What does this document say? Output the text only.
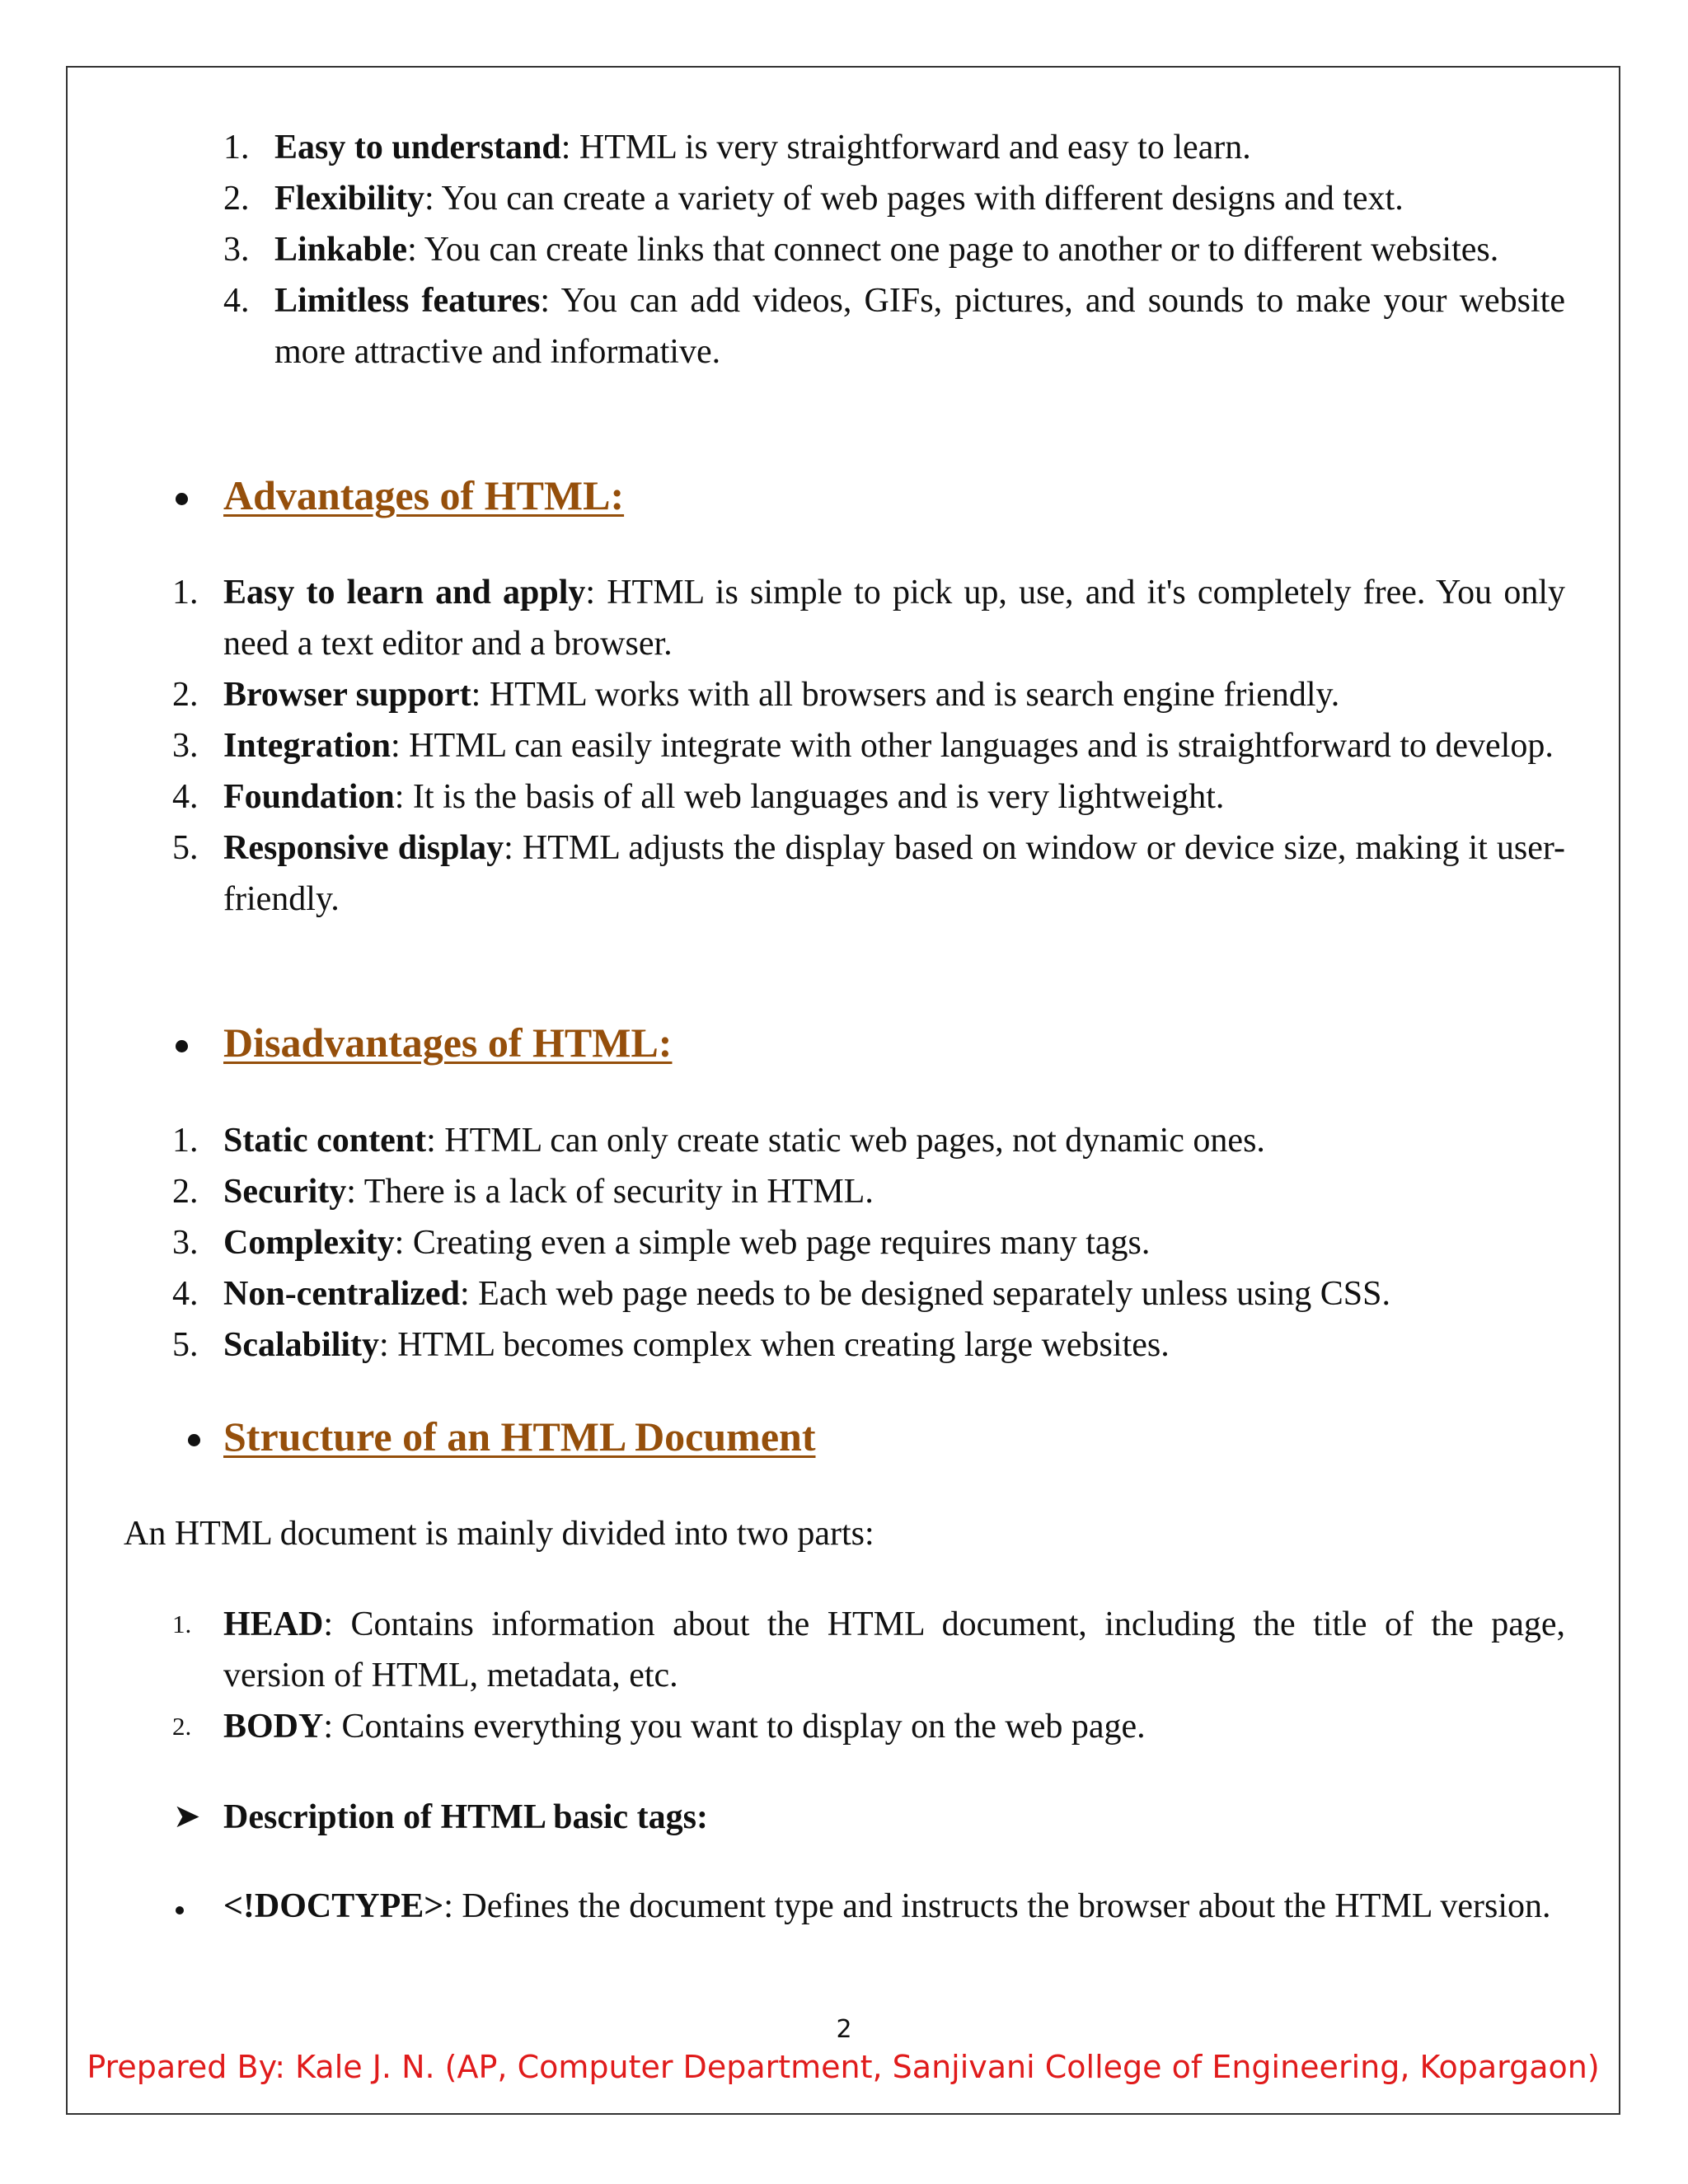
1. Easy to understand: HTML is very straightforward and easy to learn.
2. Flexibility: You can create a variety of web pages with different designs and text.
3. Linkable: You can create links that connect one page to another or to different websites.
4. Limitless features: You can add videos, GIFs, pictures, and sounds to make your website more attractive and informative.
Advantages of HTML:
1. Easy to learn and apply: HTML is simple to pick up, use, and it's completely free. You only need a text editor and a browser.
2. Browser support: HTML works with all browsers and is search engine friendly.
3. Integration: HTML can easily integrate with other languages and is straightforward to develop.
4. Foundation: It is the basis of all web languages and is very lightweight.
5. Responsive display: HTML adjusts the display based on window or device size, making it user-friendly.
Disadvantages of HTML:
1. Static content: HTML can only create static web pages, not dynamic ones.
2. Security: There is a lack of security in HTML.
3. Complexity: Creating even a simple web page requires many tags.
4. Non-centralized: Each web page needs to be designed separately unless using CSS.
5. Scalability: HTML becomes complex when creating large websites.
Structure of an HTML Document
An HTML document is mainly divided into two parts:
1. HEAD: Contains information about the HTML document, including the title of the page, version of HTML, metadata, etc.
2. BODY: Contains everything you want to display on the web page.
➤ Description of HTML basic tags:
<!DOCTYPE>: Defines the document type and instructs the browser about the HTML version.
2
Prepared By: Kale J. N. (AP, Computer Department, Sanjivani College of Engineering, Kopargaon)
